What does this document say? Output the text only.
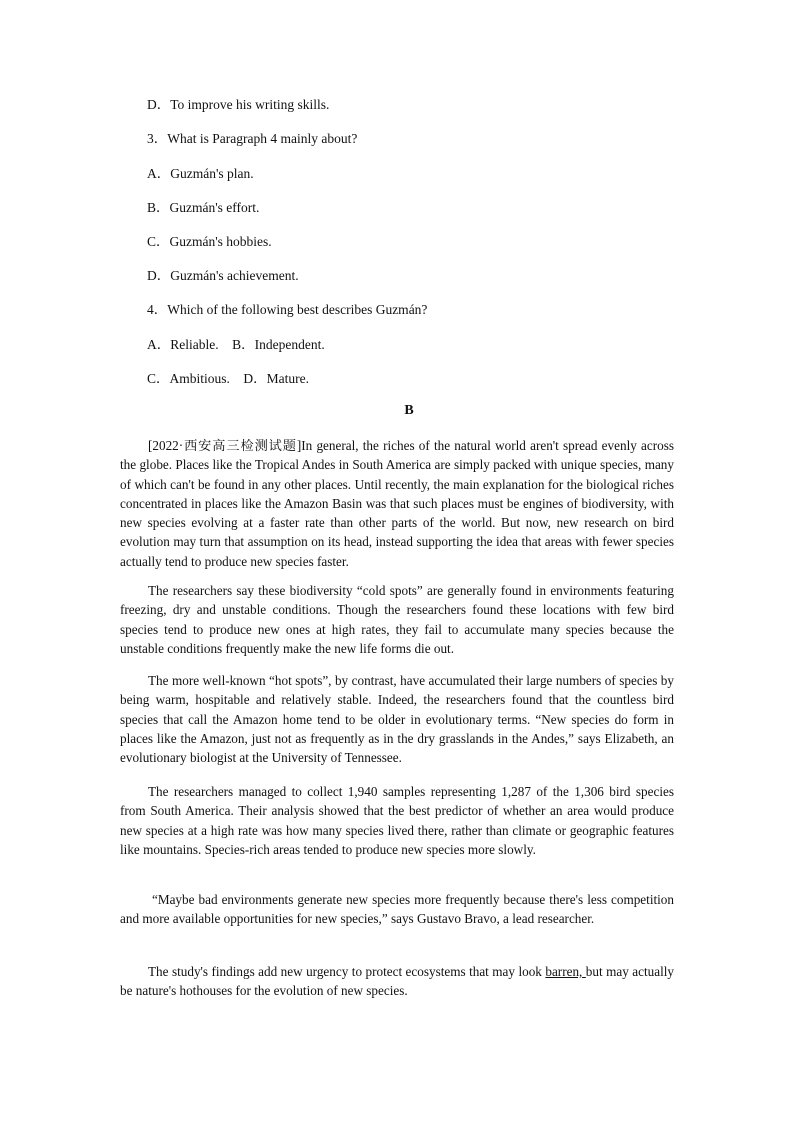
D．To improve his writing skills.
3．What is Paragraph 4 mainly about?
A．Guzmán's plan.
B．Guzmán's effort.
C．Guzmán's hobbies.
D．Guzmán's achievement.
4．Which of the following best describes Guzmán?
A．Reliable.　B．Independent.
C．Ambitious.　D．Mature.
B
[2022·西安高三检测试题]In general, the riches of the natural world aren't spread evenly across the globe. Places like the Tropical Andes in South America are simply packed with unique species, many of which can't be found in any other places. Until recently, the main explanation for the biological riches concentrated in places like the Amazon Basin was that such places must be engines of biodiversity, with new species evolving at a faster rate than other parts of the world. But now, new research on bird evolution may turn that assumption on its head, instead supporting the idea that areas with fewer species actually tend to produce new species faster.
The researchers say these biodiversity “cold spots” are generally found in environments featuring freezing, dry and unstable conditions. Though the researchers found these locations with few bird species tend to produce new ones at high rates, they fail to accumulate many species because the unstable conditions frequently make the new life forms die out.
The more well-known “hot spots”, by contrast, have accumulated their large numbers of species by being warm, hospitable and relatively stable. Indeed, the researchers found that the countless bird species that call the Amazon home tend to be older in evolutionary terms. “New species do form in places like the Amazon, just not as frequently as in the dry grasslands in the Andes,” says Elizabeth, an evolutionary biologist at the University of Tennessee.
The researchers managed to collect 1,940 samples representing 1,287 of the 1,306 bird species from South America. Their analysis showed that the best predictor of whether an area would produce new species at a high rate was how many species lived there, rather than climate or geographic features like mountains. Species-rich areas tended to produce new species more slowly.
“Maybe bad environments generate new species more frequently because there's less competition and more available opportunities for new species,” says Gustavo Bravo, a lead researcher.
The study's findings add new urgency to protect ecosystems that may look barren, but may actually be nature's hothouses for the evolution of new species.
